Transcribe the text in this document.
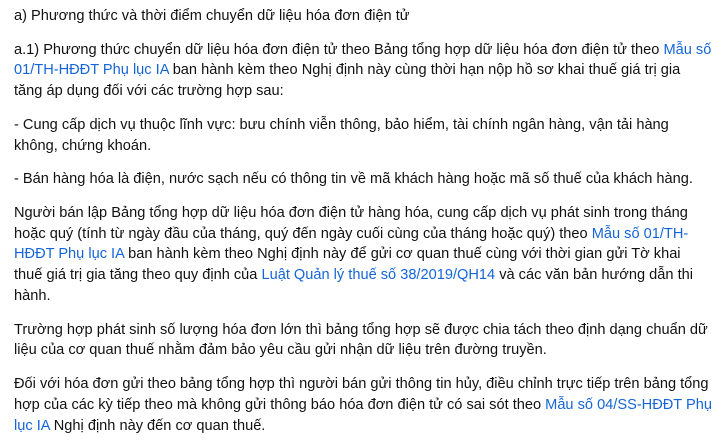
a) Phương thức và thời điểm chuyển dữ liệu hóa đơn điện tử

a.1) Phương thức chuyển dữ liệu hóa đơn điện tử theo Bảng tổng hợp dữ liệu hóa đơn điện tử theo Mẫu số 01/TH-HĐĐT Phụ lục IA ban hành kèm theo Nghị định này cùng thời hạn nộp hồ sơ khai thuế giá trị gia tăng áp dụng đối với các trường hợp sau:

- Cung cấp dịch vụ thuộc lĩnh vực: bưu chính viễn thông, bảo hiểm, tài chính ngân hàng, vận tải hàng không, chứng khoán.

- Bán hàng hóa là điện, nước sạch nếu có thông tin về mã khách hàng hoặc mã số thuế của khách hàng.

Người bán lập Bảng tổng hợp dữ liệu hóa đơn điện tử hàng hóa, cung cấp dịch vụ phát sinh trong tháng hoặc quý (tính từ ngày đầu của tháng, quý đến ngày cuối cùng của tháng hoặc quý) theo Mẫu số 01/TH-HĐĐT Phụ lục IA ban hành kèm theo Nghị định này để gửi cơ quan thuế cùng với thời gian gửi Tờ khai thuế giá trị gia tăng theo quy định của Luật Quản lý thuế số 38/2019/QH14 và các văn bản hướng dẫn thi hành.

Trường hợp phát sinh số lượng hóa đơn lớn thì bảng tổng hợp sẽ được chia tách theo định dạng chuẩn dữ liệu của cơ quan thuế nhằm đảm bảo yêu cầu gửi nhận dữ liệu trên đường truyền.

Đối với hóa đơn gửi theo bảng tổng hợp thì người bán gửi thông tin hủy, điều chỉnh trực tiếp trên bảng tổng hợp của các kỳ tiếp theo mà không gửi thông báo hóa đơn điện tử có sai sót theo Mẫu số 04/SS-HĐĐT Phụ lục IA Nghị định này đến cơ quan thuế.
